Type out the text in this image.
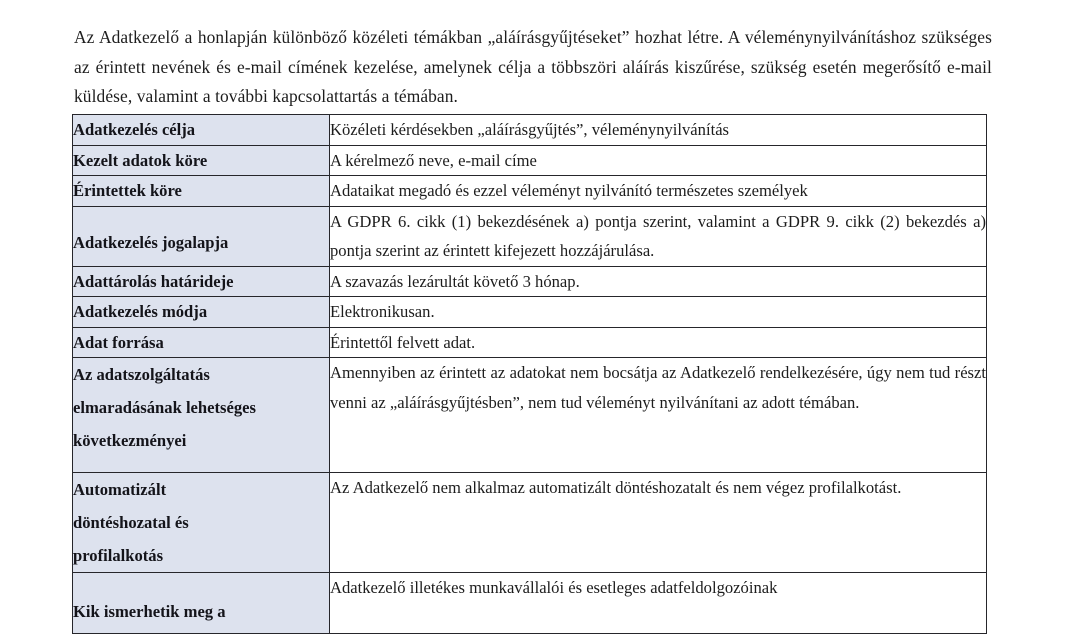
Az Adatkezelő a honlapján különböző közéleti témákban „aláírásgyűjtéseket” hozhat létre. A véleménynyilvánításhoz szükséges az érintett nevének és e-mail címének kezelése, amelynek célja a többszöri aláírás kiszűrése, szükség esetén megerősítő e-mail küldése, valamint a további kapcsolattartás a témában.

Adatkezelés célja	Közéleti kérdésekben „aláírásgyűjtés”, véleménynyilvánítás

Kezelt adatok köre	A kérelmező neve, e-mail címe

Érintettek köre	Adataikat megadó és ezzel véleményt nyilvánító természetes személyek

Adatkezelés jogalapja	A GDPR 6. cikk (1) bekezdésének a) pontja szerint, valamint a GDPR 9. cikk (2) bekezdés a) pontja szerint az érintett kifejezett hozzájárulása.

Adattárolás határideje	A szavazás lezárultát követő 3 hónap.

Adatkezelés módja	Elektronikusan.

Adat forrása	Érintettől felvett adat.

Az adatszolgáltatás elmaradásának lehetséges következményei	Amennyiben az érintett az adatokat nem bocsátja az Adatkezelő rendelkezésére, úgy nem tud részt venni az „aláírásgyűjtésben”, nem tud véleményt nyilvánítani az adott témában.

Automatizált döntéshozatal és profilalkotás	Az Adatkezelő nem alkalmaz automatizált döntéshozatalt és nem végez profilalkotást.

Kik ismerhetik meg a	Adatkezelő illetékes munkavállalói és esetleges adatfeldolgozóinak
